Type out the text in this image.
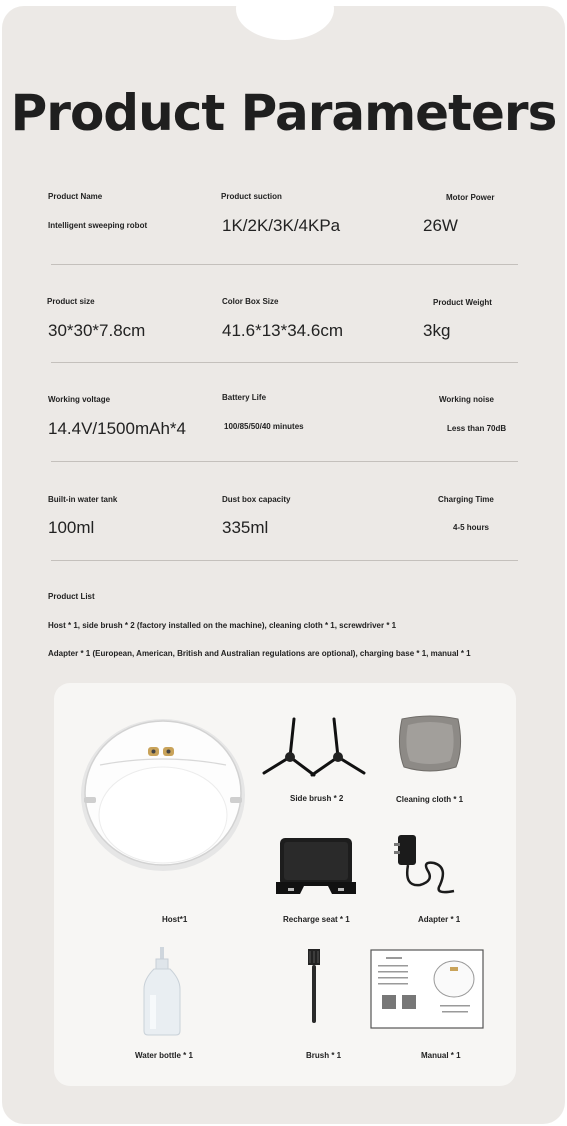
Product Parameters
Product Name
Intelligent sweeping robot
Product suction
1K/2K/3K/4KPa
Motor Power
26W
Product size
30*30*7.8cm
Color Box Size
41.6*13*34.6cm
Product Weight
3kg
Working voltage
14.4V/1500mAh*4
Battery Life
100/85/50/40 minutes
Working noise
Less than 70dB
Built-in water tank
100ml
Dust box capacity
335ml
Charging Time
4-5 hours
Product List
Host * 1, side brush * 2 (factory installed on the machine), cleaning cloth * 1, screwdriver * 1
Adapter * 1 (European, American, British and Australian regulations are optional), charging base * 1, manual * 1
Host*1
Side brush * 2	Cleaning cloth * 1
Recharge seat * 1	Adapter * 1
Water bottle * 1	Brush * 1	Manual * 1
